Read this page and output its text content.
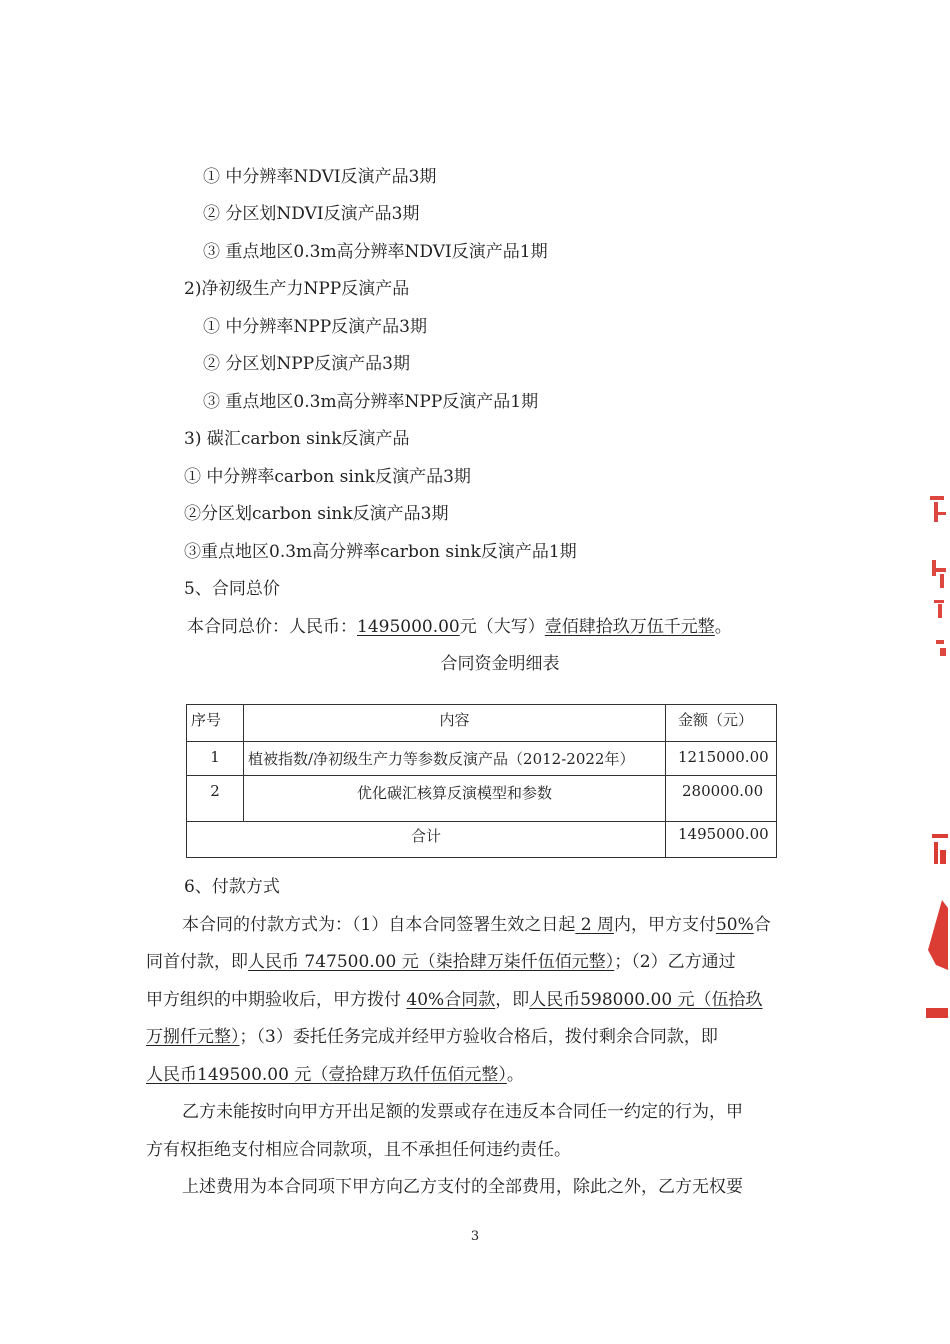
① 中分辨率NDVI反演产品3期
② 分区划NDVI反演产品3期
③ 重点地区0.3m高分辨率NDVI反演产品1期
2)净初级生产力NPP反演产品
① 中分辨率NPP反演产品3期
② 分区划NPP反演产品3期
③ 重点地区0.3m高分辨率NPP反演产品1期
3) 碳汇carbon sink反演产品
① 中分辨率carbon sink反演产品3期
②分区划carbon sink反演产品3期
③重点地区0.3m高分辨率carbon sink反演产品1期
5、合同总价
本合同总价：人民币：1495000.00元（大写）壹佰肆拾玖万伍千元整。
合同资金明细表
序号	内容	金额（元）
1	植被指数/净初级生产力等参数反演产品（2012-2022年）	1215000.00
2	优化碳汇核算反演模型和参数	280000.00
合计		1495000.00
6、付款方式
本合同的付款方式为：（1）自本合同签署生效之日起 2 周内，甲方支付50%合
同首付款，即人民币 747500.00 元（柒拾肆万柒仟伍佰元整）；（2）乙方通过
甲方组织的中期验收后，甲方拨付 40%合同款，即人民币598000.00 元（伍拾玖
万捌仟元整）；（3）委托任务完成并经甲方验收合格后，拨付剩余合同款，即
人民币149500.00 元（壹拾肆万玖仟伍佰元整）。
乙方未能按时向甲方开出足额的发票或存在违反本合同任一约定的行为，甲
方有权拒绝支付相应合同款项，且不承担任何违约责任。
上述费用为本合同项下甲方向乙方支付的全部费用，除此之外，乙方无权要
3
